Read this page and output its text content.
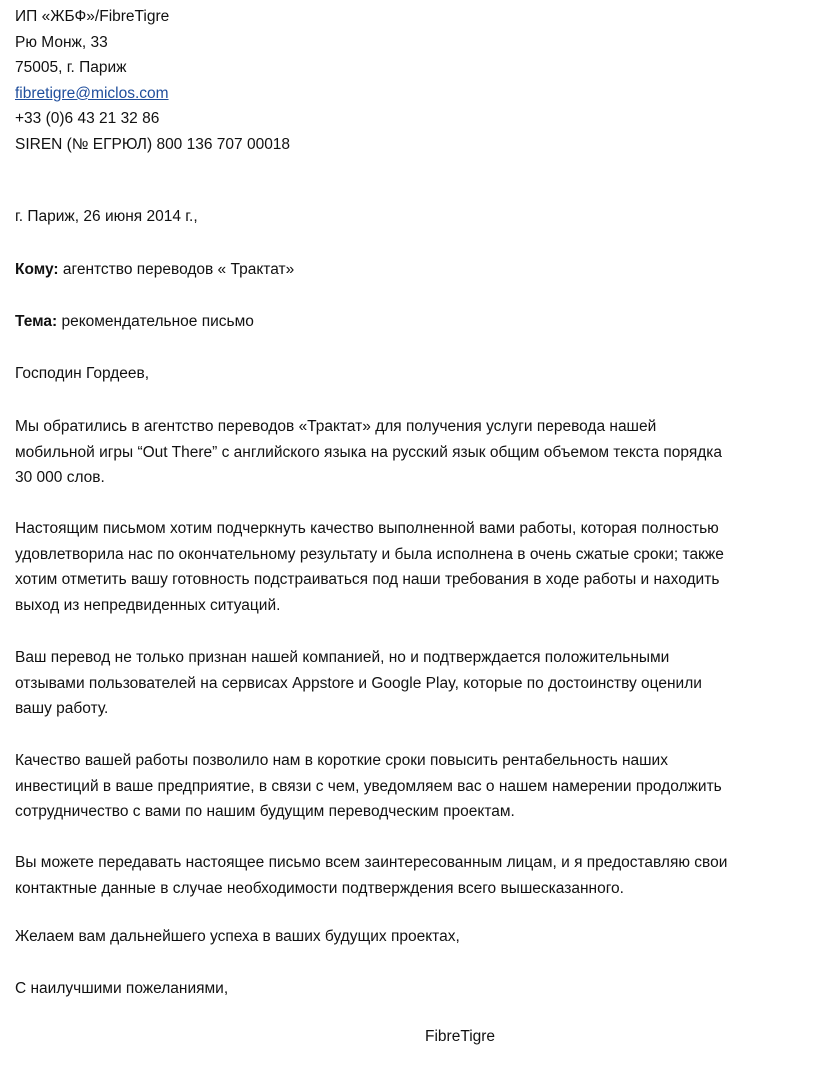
ИП «ЖБФ»/FibreTigre
Рю Монж, 33
75005, г. Париж
fibretigre@miclos.com
+33 (0)6 43 21 32 86
SIREN (№ ЕГРЮЛ) 800 136 707 00018
г. Париж, 26 июня 2014 г.,
Кому: агентство переводов « Трактат»
Тема: рекомендательное письмо
Господин Гордеев,
Мы обратились в агентство переводов «Трактат» для получения услуги перевода нашей
мобильной игры “Out There” с английского языка на русский язык общим объемом текста порядка
30 000 слов.
Настоящим письмом хотим подчеркнуть качество выполненной вами работы, которая полностью
удовлетворила нас по окончательному результату и была исполнена в очень сжатые сроки; также
хотим отметить вашу готовность подстраиваться под наши требования в ходе работы и находить
выход из непредвиденных ситуаций.
Ваш перевод не только признан нашей компанией, но и подтверждается положительными
отзывами пользователей на сервисах Appstore и Google Play, которые по достоинству оценили
вашу работу.
Качество вашей работы позволило нам в короткие сроки повысить рентабельность наших
инвестиций в ваше предприятие, в связи с чем, уведомляем вас о нашем намерении продолжить
сотрудничество с вами по нашим будущим переводческим проектам.
Вы можете передавать настоящее письмо всем заинтересованным лицам, и я предоставляю свои
контактные данные в случае необходимости подтверждения всего вышесказанного.
Желаем вам дальнейшего успеха в ваших будущих проектах,
С наилучшими пожеланиями,
FibreTigre
